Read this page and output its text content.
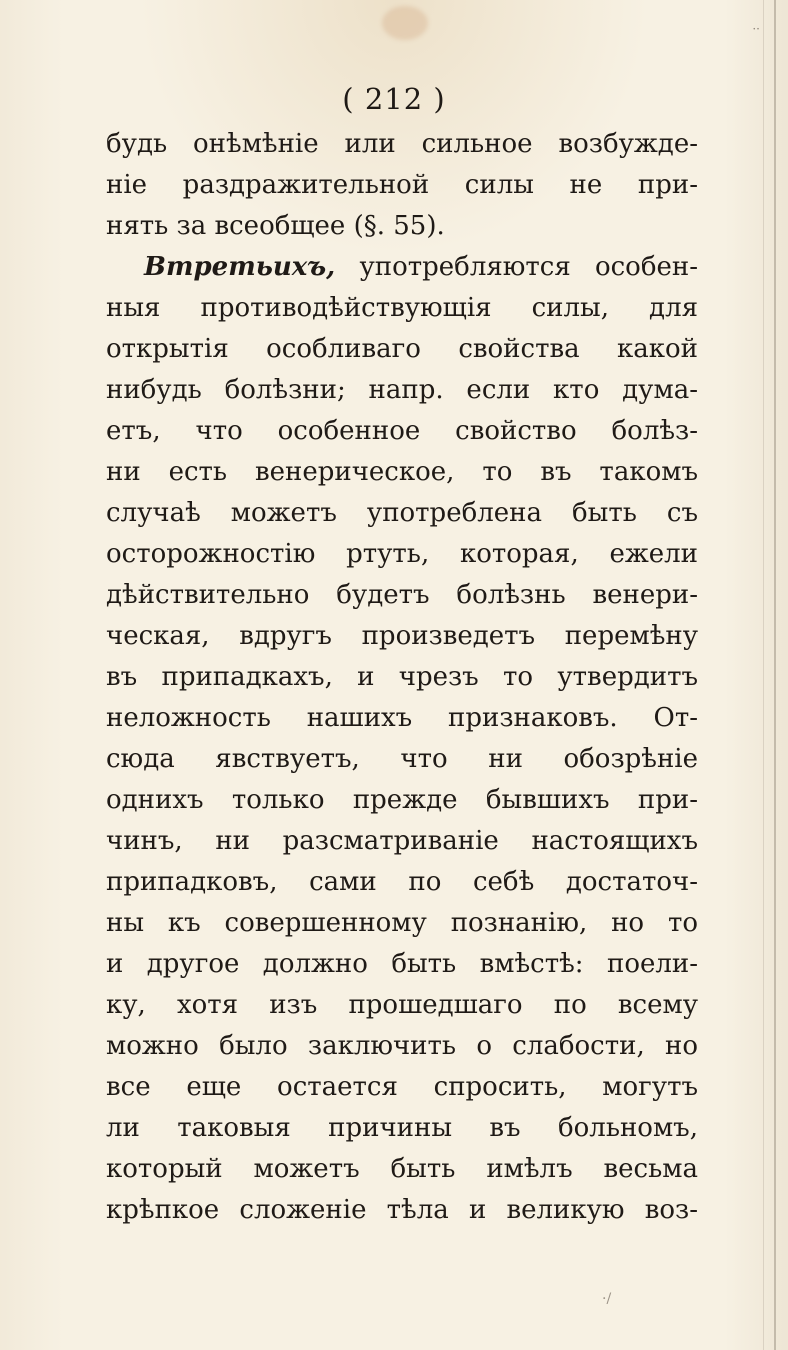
··
( 212 )
будь онѣмѣніе или сильное возбужде-
ніе раздражительной силы не при-
нять за всеобщее (§. 55).
Втретьихъ, употребляются особен-
ныя противодѣйствующія силы, для
открытія особливаго свойства какой
нибудь болѣзни; напр. если кто дума-
етъ, что особенное свойство болѣз-
ни есть венерическое, то въ такомъ
случаѣ можетъ употреблена быть съ
осторожностію ртуть, которая, ежели
дѣйствительно будетъ болѣзнь венери-
ческая, вдругъ произведетъ перемѣну
въ припадкахъ, и чрезъ то утвердитъ
неложность нашихъ признаковъ. От-
сюда явствуетъ, что ни обозрѣніе
однихъ только прежде бывшихъ при-
чинъ, ни разсматриваніе настоящихъ
припадковъ, сами по себѣ достаточ-
ны къ совершенному познанію, но то
и другое должно быть вмѣстѣ: поели-
ку, хотя изъ прошедшаго по всему
можно было заключить о слабости, но
все еще остается спросить, могутъ
ли таковыя причины въ больномъ,
который можетъ быть имѣлъ весьма
крѣпкое сложеніе тѣла и великую воз-
·/
